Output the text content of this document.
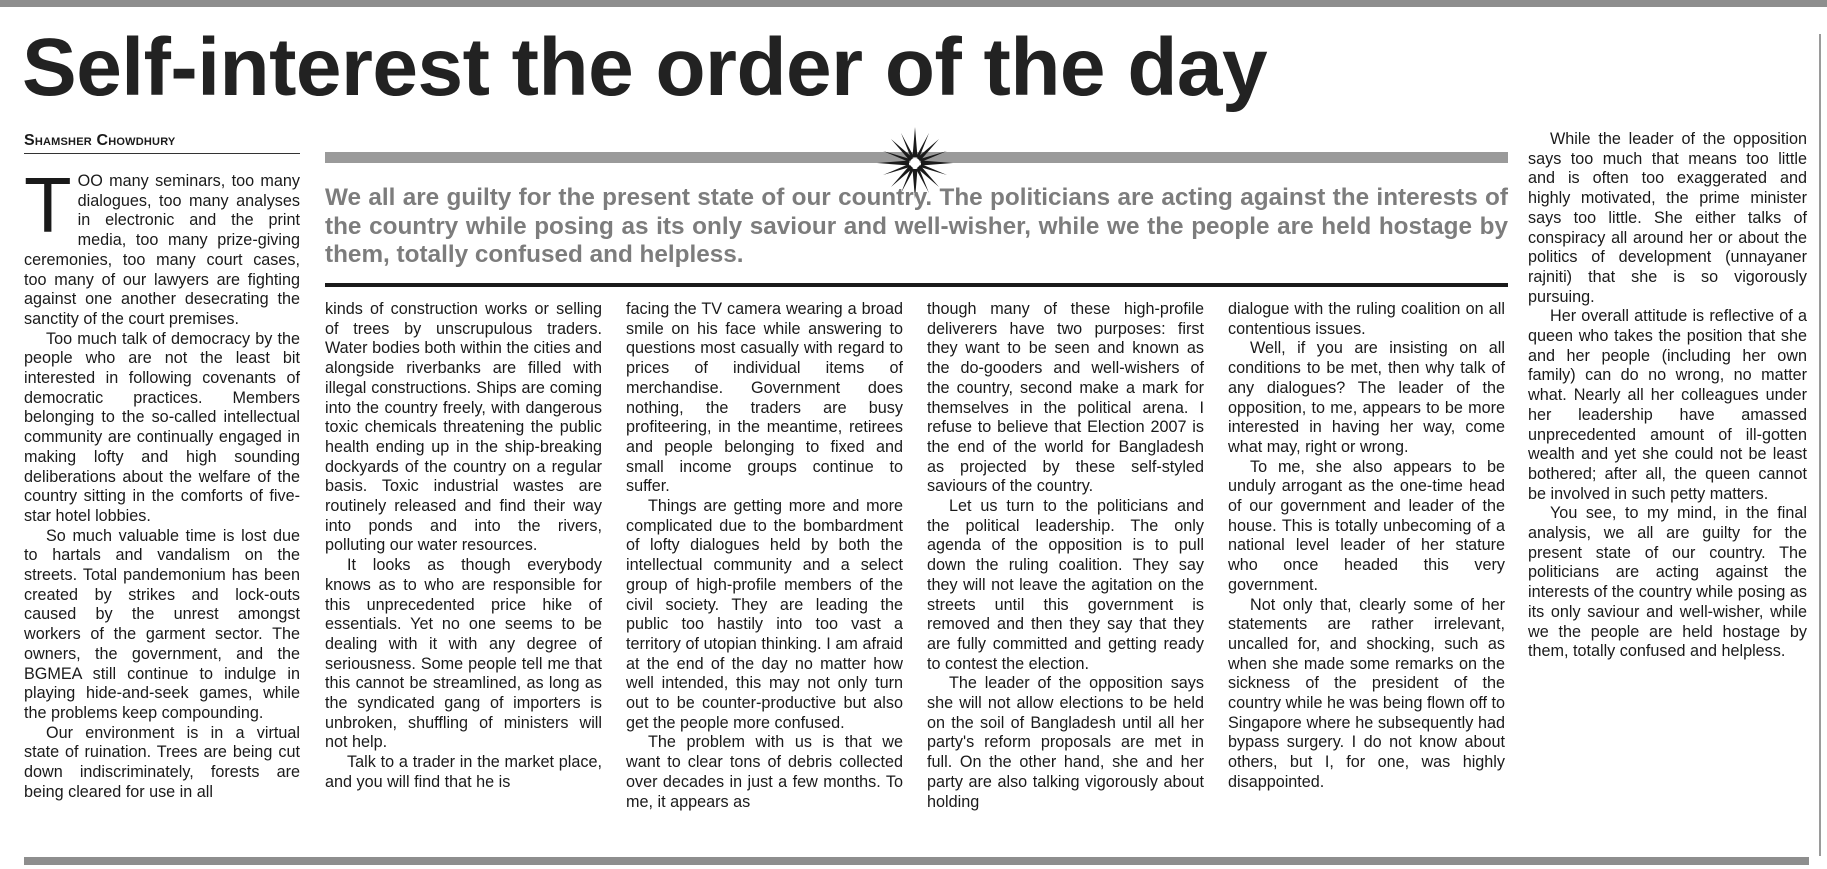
Self-interest the order of the day
Shamsher Chowdhury

TOO many seminars, too many dialogues, too many analyses in electronic and the print media, too many prize-giving ceremonies, too many court cases, too many of our lawyers are fighting against one another desecrating the sanctity of the court premises.

Too much talk of democracy by the people who are not the least bit interested in following covenants of democratic practices. Members belonging to the so-called intellectual community are continually engaged in making lofty and high sounding deliberations about the welfare of the country sitting in the comforts of five-star hotel lobbies.

So much valuable time is lost due to hartals and vandalism on the streets. Total pandemonium has been created by strikes and lock-outs caused by the unrest amongst workers of the garment sector. The owners, the government, and the BGMEA still continue to indulge in playing hide-and-seek games, while the problems keep compounding.

Our environment is in a virtual state of ruination. Trees are being cut down indiscriminately, forests are being cleared for use in all

We all are guilty for the present state of our country. The politicians are acting against the interests of the country while posing as its only saviour and well-wisher, while we the people are held hostage by them, totally confused and helpless.

kinds of construction works or selling of trees by unscrupulous traders. Water bodies both within the cities and alongside riverbanks are filled with illegal constructions. Ships are coming into the country freely, with dangerous toxic chemicals threatening the public health ending up in the ship-breaking dockyards of the country on a regular basis. Toxic industrial wastes are routinely released and find their way into ponds and into the rivers, polluting our water resources.

It looks as though everybody knows as to who are responsible for this unprecedented price hike of essentials. Yet no one seems to be dealing with it with any degree of seriousness. Some people tell me that this cannot be streamlined, as long as the syndicated gang of importers is unbroken, shuffling of ministers will not help.

Talk to a trader in the market place, and you will find that he is

facing the TV camera wearing a broad smile on his face while answering to questions most casually with regard to prices of individual items of merchandise. Government does nothing, the traders are busy profiteering, in the meantime, retirees and people belonging to fixed and small income groups continue to suffer.

Things are getting more and more complicated due to the bombardment of lofty dialogues held by both the intellectual community and a select group of high-profile members of the civil society. They are leading the public too hastily into too vast a territory of utopian thinking. I am afraid at the end of the day no matter how well intended, this may not only turn out to be counter-productive but also get the people more confused.

The problem with us is that we want to clear tons of debris collected over decades in just a few months. To me, it appears as

though many of these high-profile deliverers have two purposes: first they want to be seen and known as the do-gooders and well-wishers of the country, second make a mark for themselves in the political arena. I refuse to believe that Election 2007 is the end of the world for Bangladesh as projected by these self-styled saviours of the country.

Let us turn to the politicians and the political leadership. The only agenda of the opposition is to pull down the ruling coalition. They say they will not leave the agitation on the streets until this government is removed and then they say that they are fully committed and getting ready to contest the election.

The leader of the opposition says she will not allow elections to be held on the soil of Bangladesh until all her party's reform proposals are met in full. On the other hand, she and her party are also talking vigorously about holding

dialogue with the ruling coalition on all contentious issues.

Well, if you are insisting on all conditions to be met, then why talk of any dialogues? The leader of the opposition, to me, appears to be more interested in having her way, come what may, right or wrong.

To me, she also appears to be unduly arrogant as the one-time head of our government and leader of the house. This is totally unbecoming of a national level leader of her stature who once headed this very government.

Not only that, clearly some of her statements are rather irrelevant, uncalled for, and shocking, such as when she made some remarks on the sickness of the president of the country while he was being flown off to Singapore where he subsequently had bypass surgery. I do not know about others, but I, for one, was highly disappointed.

While the leader of the opposition says too much that means too little and is often too exaggerated and highly motivated, the prime minister says too little. She either talks of conspiracy all around her or about the politics of development (unnayaner rajniti) that she is so vigorously pursuing.

Her overall attitude is reflective of a queen who takes the position that she and her people (including her own family) can do no wrong, no matter what. Nearly all her colleagues under her leadership have amassed unprecedented amount of ill-gotten wealth and yet she could not be least bothered; after all, the queen cannot be involved in such petty matters.

You see, to my mind, in the final analysis, we all are guilty for the present state of our country. The politicians are acting against the interests of the country while posing as its only saviour and well-wisher, while we the people are held hostage by them, totally confused and helpless.
